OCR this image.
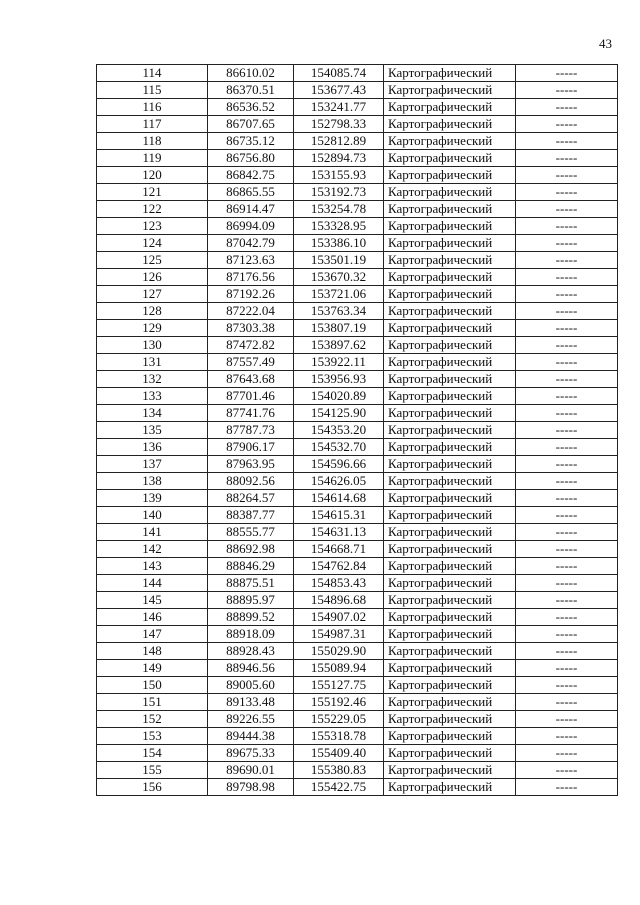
43
114	86610.02	154085.74	Картографический	-----
115	86370.51	153677.43	Картографический	-----
116	86536.52	153241.77	Картографический	-----
117	86707.65	152798.33	Картографический	-----
118	86735.12	152812.89	Картографический	-----
119	86756.80	152894.73	Картографический	-----
120	86842.75	153155.93	Картографический	-----
121	86865.55	153192.73	Картографический	-----
122	86914.47	153254.78	Картографический	-----
123	86994.09	153328.95	Картографический	-----
124	87042.79	153386.10	Картографический	-----
125	87123.63	153501.19	Картографический	-----
126	87176.56	153670.32	Картографический	-----
127	87192.26	153721.06	Картографический	-----
128	87222.04	153763.34	Картографический	-----
129	87303.38	153807.19	Картографический	-----
130	87472.82	153897.62	Картографический	-----
131	87557.49	153922.11	Картографический	-----
132	87643.68	153956.93	Картографический	-----
133	87701.46	154020.89	Картографический	-----
134	87741.76	154125.90	Картографический	-----
135	87787.73	154353.20	Картографический	-----
136	87906.17	154532.70	Картографический	-----
137	87963.95	154596.66	Картографический	-----
138	88092.56	154626.05	Картографический	-----
139	88264.57	154614.68	Картографический	-----
140	88387.77	154615.31	Картографический	-----
141	88555.77	154631.13	Картографический	-----
142	88692.98	154668.71	Картографический	-----
143	88846.29	154762.84	Картографический	-----
144	88875.51	154853.43	Картографический	-----
145	88895.97	154896.68	Картографический	-----
146	88899.52	154907.02	Картографический	-----
147	88918.09	154987.31	Картографический	-----
148	88928.43	155029.90	Картографический	-----
149	88946.56	155089.94	Картографический	-----
150	89005.60	155127.75	Картографический	-----
151	89133.48	155192.46	Картографический	-----
152	89226.55	155229.05	Картографический	-----
153	89444.38	155318.78	Картографический	-----
154	89675.33	155409.40	Картографический	-----
155	89690.01	155380.83	Картографический	-----
156	89798.98	155422.75	Картографический	-----
